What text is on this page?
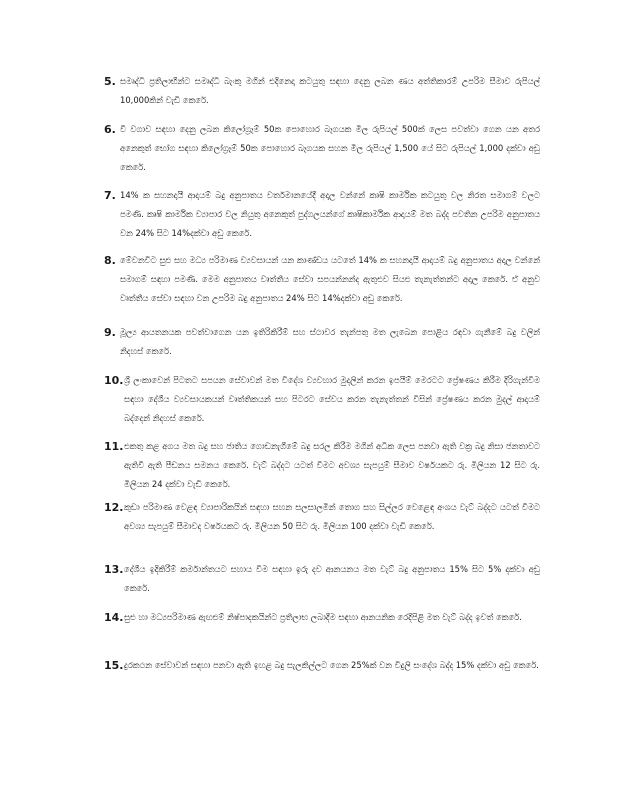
5. සමෘද්ධි ප්‍රතිලාභීන්ට සමෘද්ධි බැංකු මගින් එදිනෙදා කටයුතු සඳහා දෙනු ලබන ණය අත්තිකාරම් උපරිම සීමාව රුපියල් 10,000කින් වැඩි කෙරේ.
6. වී වගාව සඳහා දෙනු ලබන කිලෝග්‍රෑම් 50ක පොහොර බෑගයක මිල රුපියල් 500ක් ලෙස පවත්වා ගෙන යන අතර අනෙකුත් භෝග සඳහා කිලෝග්‍රෑම් 50ක පොහොර බෑගයක සහන මිල රුපියල් 1,500 යේ සිට රුපියල් 1,000 දක්වා අඩු කෙරේ.
7. 14% ක සහනදායී ආදායම් බදු අනුපාතය වර්තමානයේදී අදාල වන්නේ කෘෂි කාර්මික කටයුතු වල නිරත සමාගම් වලට පමණි. කෘෂි කාර්මික ව්‍යාපාර වල නියුතු අනෙකුත් පුද්ගලයන්ගේ කෘෂිකාර්මික ආදායම් මත බද්ද පවතින උපරිම අනුපාතය වන 24% සිට 14%දක්වා අඩු කෙරේ.
8. මේවනවිට සුළු සහ මධ්‍ය පරිමාණ ව්‍යවසායන් යන කාණ්ඩය යටතේ 14% ක සහනදායී ආදායම් බදු අනුපාතය අදාල වන්නේ සමාගම් සඳහා පමණි. මෙම අනුපාතය වෘත්තීය සේවා සපයන්නන්ද ඇතුළුව සියළු තැනැත්තන්ට අදාල කෙරේ. ඒ අනුව වෘත්තීය සේවා සඳහා වන උපරිම බදු අනුපාතය 24% සිට 14%දක්වා අඩු කෙරේ.
9. මූල්‍ය ආයතනයක පවත්වාගෙන යන ඉතිරිකිරීම් සහ ස්ථාවර තැන්පතු මත ලැබෙන පොළිය රඳවා ගැනීමේ බදු වලින් නිදහස් කෙරේ.
10. ශ්‍රී ලංකාවෙන් පිටතට සපයන සේවාවන් මත විදේශ ව්‍යවහාර මුදලින් කරන ඉපයීම් මෙරටට ප්‍රේෂණය කිරීම දිරිගැන්වීම සඳහා දේශීය ව්‍යවසායකයන් වෘත්තිකයන් සහ පිටරට සේවය කරන තැනැත්තන් විසින් ප්‍රේෂණය කරන මුදල් ආදායම් බද්දෙන් නිදහස් කෙරේ.
11. එකතු කළ අගය මත බදු සහ ජාතිය ගොඩනැගීමේ බදු සරල කිරීම මගින් අධික ලෙස පනවා ඇති වක්‍ර බදු නිසා ජනතාවට ඇතිවී ඇති පීඩනය සමනය කෙරේ. වැට් බද්දට යටත් වීමට අවශ්‍ය සැපයුම් සීමාව වර්ෂයකට රු. මිලියන 12 සිට රු. මිලියන 24 දක්වා වැඩි කෙරේ.
12. කුඩා පරිමාණ වෙළඳ ව්‍යාපාරිකයින් සඳහා සහන සලසාලමින් තොග සහ සිල්ලර වෙළෙඳ අංශය වැට් බද්දට යටත් වීමට අවශ්‍ය සැපයුම් සීමාවද වර්ෂයකට රු. මිලියන 50 සිට රු. මිලියන 100 දක්වා වැඩි කෙරේ.
13. දේශීය ඉදිකිරීම් කර්මාන්තයට සහාය වීම සඳහා ඉරු දව ආනයනය මත වැට් බදු අනුපාතය 15% සිට 5% දක්වා අඩු කෙරේ.
14. සුළු හා මධ්‍යපරිමාණ ඇඟළුම් නිෂ්පාදකයින්ට ප්‍රතිලාභ ලබාදීම සඳහා ආනයනික රෙදිපිළි මත වැට් බද්ද ඉවත් කෙරේ.
15. දුරකථන සේවාවන් සඳහා පනවා ඇති ඉහළ බදු සැලකිල්ලට ගෙන 25%ක් වන විදුලි සංදේශ බද්ද 15% දක්වා අඩු කෙරේ.
